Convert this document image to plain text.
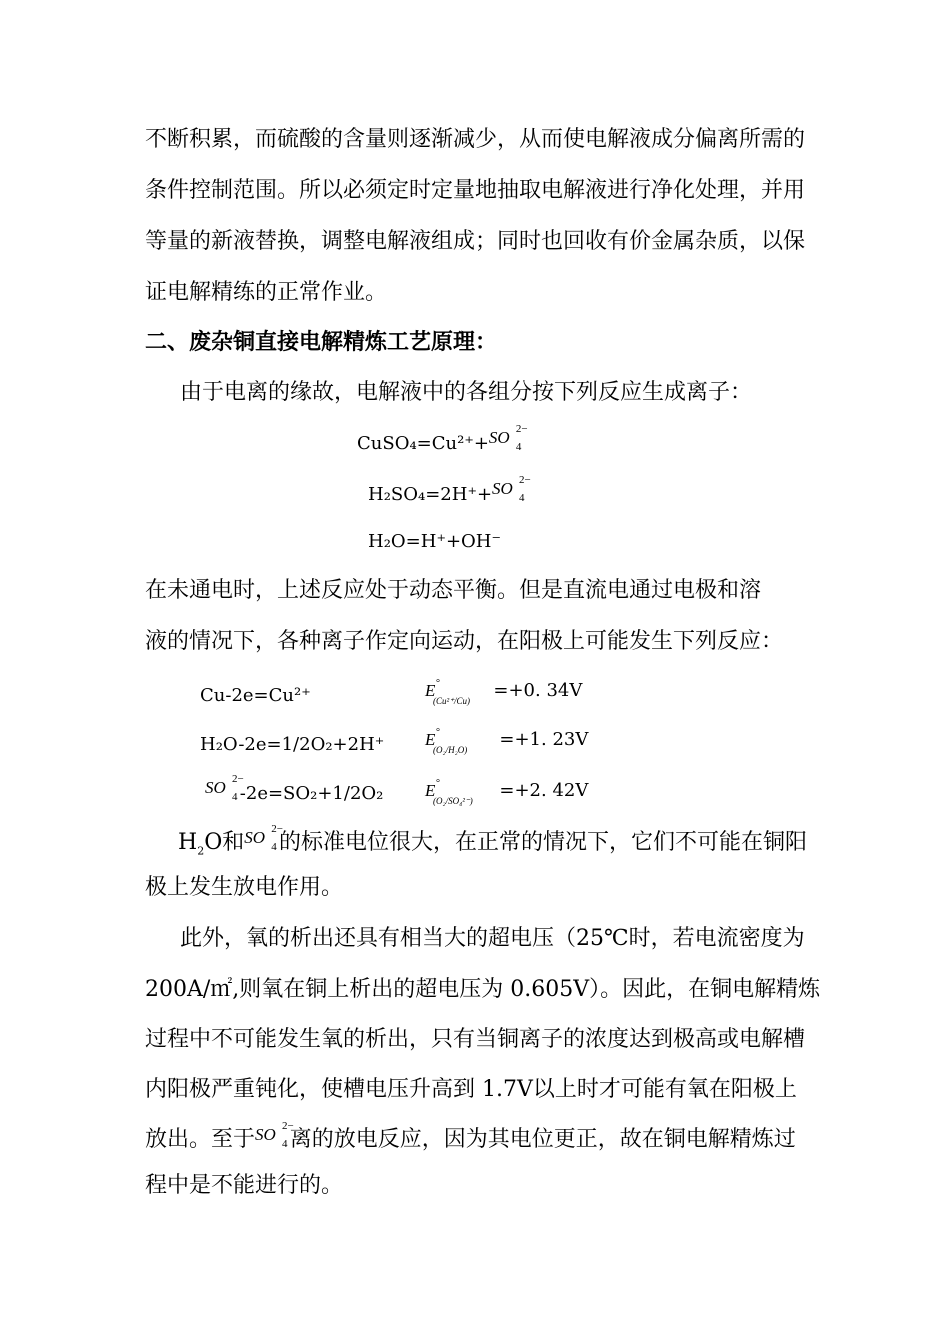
不断积累，而硫酸的含量则逐渐减少，从而使电解液成分偏离所需的
条件控制范围。所以必须定时定量地抽取电解液进行净化处理，并用
等量的新液替换，调整电解液组成；同时也回收有价金属杂质，以保
证电解精练的正常作业。
二、废杂铜直接电解精炼工艺原理：
由于电离的缘故，电解液中的各组分按下列反应生成离子：
CuSO₄=Cu²⁺+SO 2−
4
H₂SO₄=2H⁺+SO 2−
4
H₂O=H⁺+OH⁻
在未通电时，上述反应处于动态平衡。但是直流电通过电极和溶
液的情况下，各种离子作定向运动，在阳极上可能发生下列反应：
Cu-2e=Cu²⁺	E °
(Cu²⁺/Cu) =+0. 34V
H₂O-2e=1/2O₂+2H⁺ E °
(O₂/H₂O) =+1. 23V
SO 2−
4 -2e=SO₂+1/2O₂ E °
(O₂/SO₄²⁻) =+2. 42V
$H_2O$和SO 2−
4 的标准电位很大，在正常的情况下，它们不可能在铜阳
极上发生放电作用。
此外，氧的析出还具有相当大的超电压（25℃时，若电流密度为
200A/㎡,则氧在铜上析出的超电压为 0.605V）。因此，在铜电解精炼
过程中不可能发生氧的析出，只有当铜离子的浓度达到极高或电解槽
内阳极严重钝化，使槽电压升高到 1.7V以上时才可能有氧在阳极上
放出。至于SO 2−
4 离的放电反应，因为其电位更正，故在铜电解精炼过
程中是不能进行的。
